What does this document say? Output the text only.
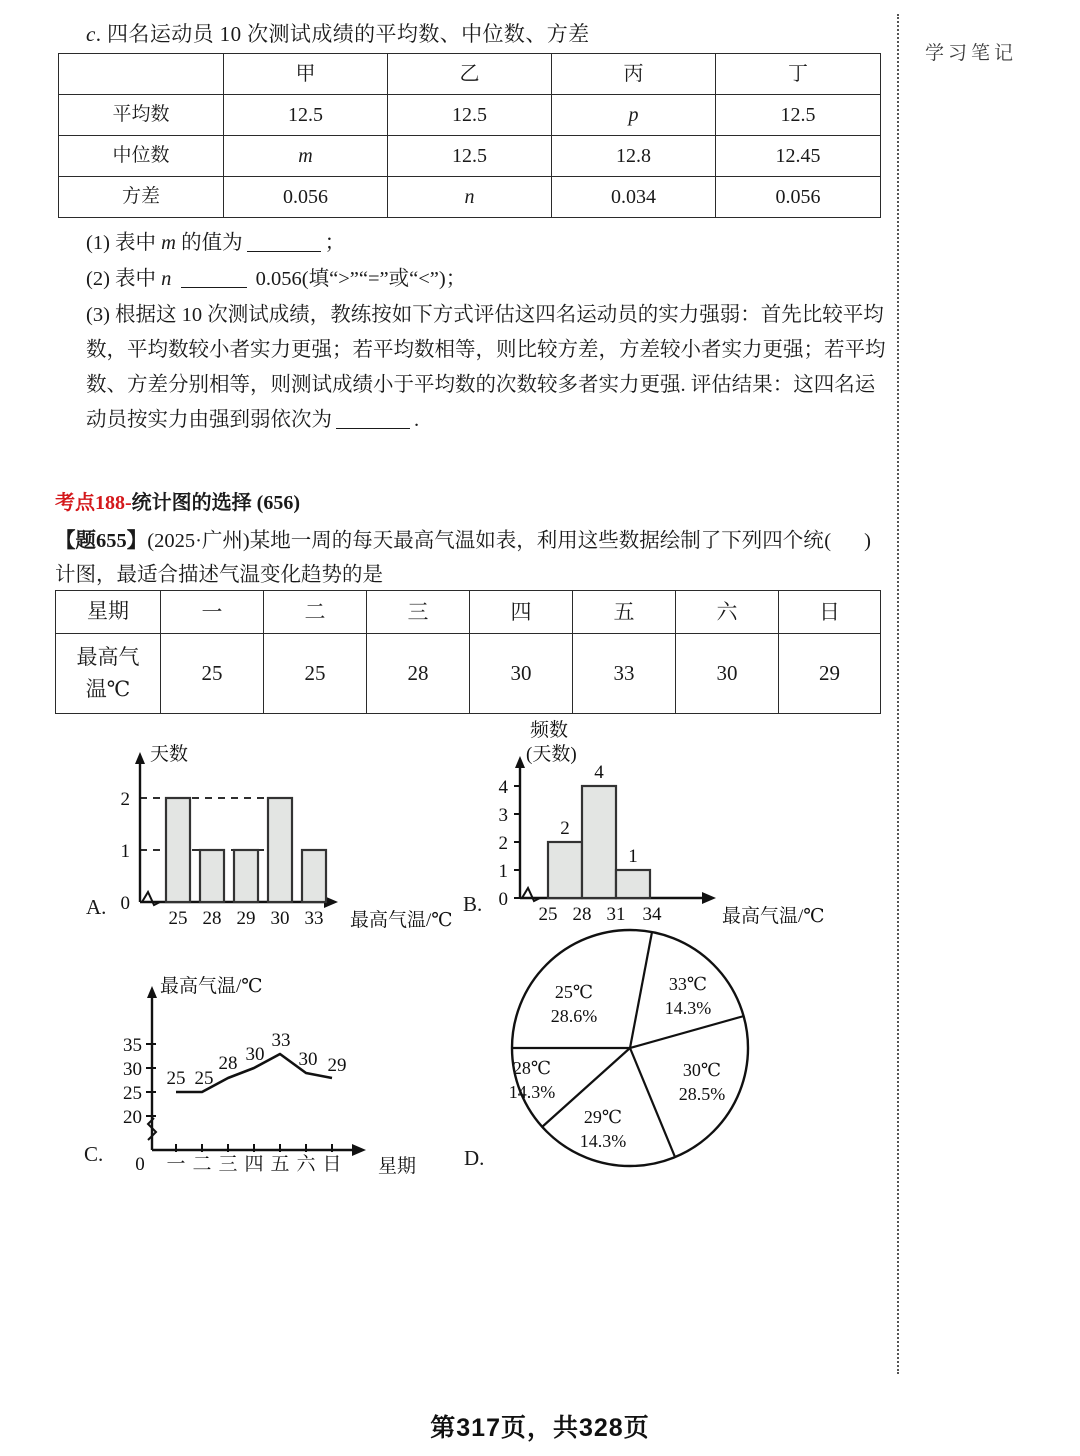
学习笔记
c. 四名运动员 10 次测试成绩的平均数、中位数、方差
	甲	乙	丙	丁
平均数	12.5	12.5	p	12.5
中位数	m	12.5	12.8	12.45
方差	0.056	n	0.034	0.056

(1) 表中 m 的值为	；

(2) 表中 n	0.056(填“>”“=”或“<”)；

(3) 根据这 10 次测试成绩，教练按如下方式评估这四名运动员的实力强弱：首先比较平均数，平均数较小者实力更强；若平均数相等，则比较方差，方差较小者实力更强；若平均数、方差分别相等，则测试成绩小于平均数的次数较多者实力更强. 评估结果：这四名运动员按实力由强到弱依次为	.

考点188-统计图的选择 (656)
( )
【题655】(2025·广州)某地一周的每天最高气温如表，利用这些数据绘制了下列四个统计图，最适合描述气温变化趋势的是
星期	一	二	三	四	五	六	日

最高气
温℃	25	25	28	30	33	30	29
0
1
2
25 28 29 30 33
天数
最高气温/℃
A.
2
4
1
0
1
2
3
4
25 28 31 34
频数
(天数)
最高气温/℃
B.
20
25
30
35
25 25
28 30
33
30 29
一 二 三 四 五 六 日
0
最高气温/℃
星期
C.
25℃
28.6%
33℃
14.3%
30℃
28.5%
29℃
14.3%
28℃
14.3%
D.
第317页，共328页
